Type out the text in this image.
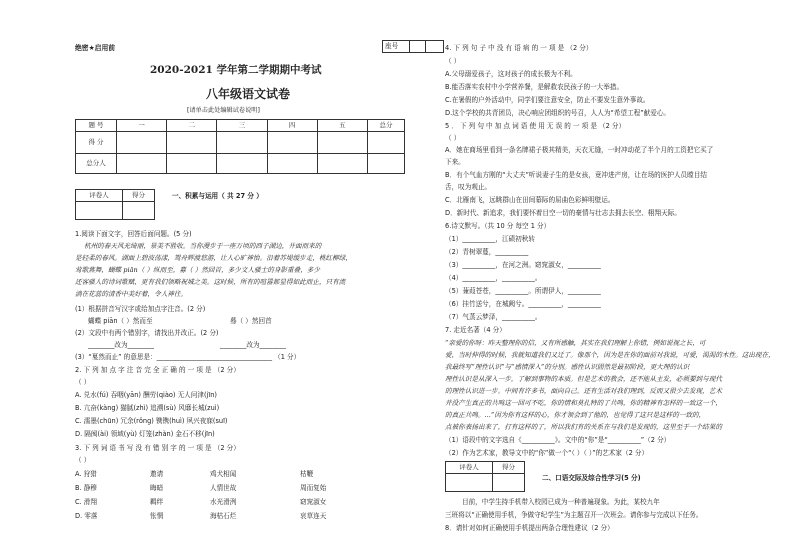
绝密★启用前	座号
2020-2021 学年第二学期期中考试
八年级语文试卷
[请单击此处编辑试卷说明]
题 号	一	二	三	四	五	总分
得 分						
总分人						
评卷人	得分
		一、积累与运用（ 共 27 分 ）
1.阅读下面文字，回答后面问题。(5 分)
杭州的春天风光绮丽，景美不胜收。当你漫步于一座万顷的西子湖边，井面而来的
是轻柔的春风。湖面上碧波荡漾，鸳舟辉渡悠游，让人心旷神怡。沿着苏堤缓步走，桃红柳绿，
莺歌燕舞，蝴蝶 piān（ ）纵而至，募（ ）然回首，多少文人骚士的身影重叠，多少
还客骚人的诗词歌赋，更有我们领略祝城之美。这时候，所有的喧嚣都显得如此而止，只有流
淌在花蕊的清香中美好着，令人神往。
(1）根据拼音写汉字或给加点字注音。(2 分)
蝴蝶 piān（ ）然而至	蓦（ ）然回首
(2）文段中有两个错别字，请找出并改正。(2 分)
________改为________	________改为________
(3）“戛然而止” 的意思是：___________________________________ （1 分）
2. 下 列 加 点 字 注 音 完 全 正 确 的 一 项 是 （2 分）
（ ）
A. 兑水(fú) 吞咽(yān) 酬劳(qiào) 无人问津(jīn)
B. 亢奋(kàng) 猫腻(zhì) 追溯(sù) 风靡长城(zuì)
C. 濡墨(chūn) 冗余(rǒng) 镌镌(huì) 夙兴夜寐(suī)
D. 隔阂(ài) 领域(yù) 灯笼(zhàn) 金石不移(jīn)
3. 下 列 词 语 书 写 没 有 错 别 字 的 一 项 是 （2 分）
（ ）
A. 狩猎	邀请	鸡犬相闻	枯鞭
B. 静穆	晦暗	人情世故	周而复始
C. 滑翔	羁绊	水光滑洌	窈窕淑女
D. 零落	怅惘	海枯石烂	哀草连天
4. 下 列 句 子 中 没 有 语 病 的 一 项 是 （2 分）
（ ）
A.父母溺爱孩子，这对孩子的成长极为不利。
B.能否落实农村中小学营养餐，是解救农民孩子的一大举措。
C.在暑假的户外活动中，同学们要注意安全，防止不要发生意外事故。
D.这个学校的共青团员，决心响应团组织的号召，人人为“希望工程”献爱心。
5 ． 下 列 句 中 加 点 词 语 使 用 无 误 的 一 项 是 （2 分）
（ ）
A．她在商场里看到一条名牌裙子极其精美，天衣无缝，一时冲动花了半个月的工资把它买了
下来。
B．有个气血方刚的“大丈夫”听说妻子生的是女孩，竟冲进产房，让在场的医护人员瞠目结
舌，叹为观止。
C．北雁南飞，远眺群山在田间幕际的屈曲色彩鲜明壁运。
D．新时代、新追求，我们要怀着目空一切的豪情与壮志去拥去长空、栩翔天际。
6.诗文默写。（共 10 分 每空 1 分）
（1）__________，江碛初秋转
（2）青树翠蔓，__________
（3）__________，在河之洲。窈窕淑女，__________
（4）__________，__________。
（5）蒹葭苍苍，__________。所谓伊人，__________
（6）挂竹送兮，在城阙兮。__________，__________
（7）气蒸云梦泽，__________。
7. 走近名著（4 分）
“亲爱的你呀：昨天整理你的信，又有所感触，其实在我们理解上你错，例如说视之长，可
爱，当时伸得的时候，我就知道我们又迁了。像那个，因为是在你的面前对我说，可爱，渴渴的木性。这出现在，
我最终写“理性认识”与“感情深入”的分别。感性认识固然是最初阶段，更大理的认识
理性认识是从深入一步，了解到事物的本质。但是艺术的教会，还不能从主发，必须要到与现代
的理性认识进一步。中间有许多书，面向自己。还有生活对我们理到，反而又很少去发现，艺术
并没产生真正的共鸣这一回可不吃，你的情和莫扎特的了共鸣，你的精神有怎样的一致这一个，
的真正共鸣。...”因为你有这样的心，你才领会到了他的，也觉得了这只是这样的一致的，
点被你表扬出来了，打有这样的了，所以我们有的关系在与我们是发现的，这里至于一个结果的
（1）语段中的文字选自《__________》。文中的“你”是“__________”（2 分）
（2）作为艺术家，教导文中的“你”做一个“（ ）（ ）”的艺术家（2 分）
评卷人	得分

二、口语交际及综合性学习(5 分)
目前，中学生持手机带入校园已成为一种普遍现象。为此，某校九年
三班将以“正确使用手机，争做守纪学生”为主题召开一次班会。请你参与完成以下任务。
8．请针对如何正确使用手机提出两条合理性建议（2 分）
